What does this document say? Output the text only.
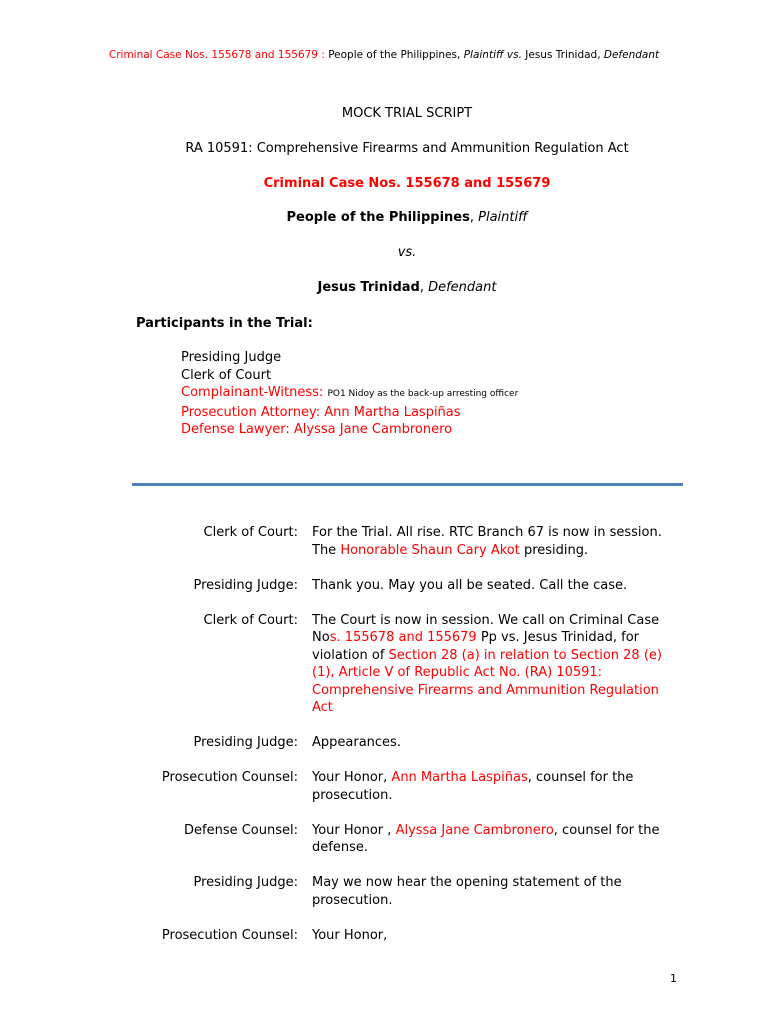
Criminal Case Nos. 155678 and 155679 : People of the Philippines, Plaintiff vs. Jesus Trinidad, Defendant
MOCK TRIAL SCRIPT
RA 10591: Comprehensive Firearms and Ammunition Regulation Act
Criminal Case Nos. 155678 and 155679
People of the Philippines, Plaintiff
vs.
Jesus Trinidad, Defendant
Participants in the Trial:
Presiding Judge
Clerk of Court
Complainant-Witness: PO1 Nidoy as the back-up arresting officer
Prosecution Attorney: Ann Martha Laspiñas
Defense Lawyer: Alyssa Jane Cambronero
Clerk of Court: For the Trial. All rise. RTC Branch 67 is now in session. The Honorable Shaun Cary Akot presiding.
Presiding Judge: Thank you. May you all be seated. Call the case.
Clerk of Court: The Court is now in session. We call on Criminal Case Nos. 155678 and 155679 Pp vs. Jesus Trinidad, for violation of Section 28 (a) in relation to Section 28 (e) (1), Article V of Republic Act No. (RA) 10591: Comprehensive Firearms and Ammunition Regulation Act
Presiding Judge: Appearances.
Prosecution Counsel: Your Honor, Ann Martha Laspiñas, counsel for the prosecution.
Defense Counsel: Your Honor , Alyssa Jane Cambronero, counsel for the defense.
Presiding Judge: May we now hear the opening statement of the prosecution.
Prosecution Counsel: Your Honor,
1
